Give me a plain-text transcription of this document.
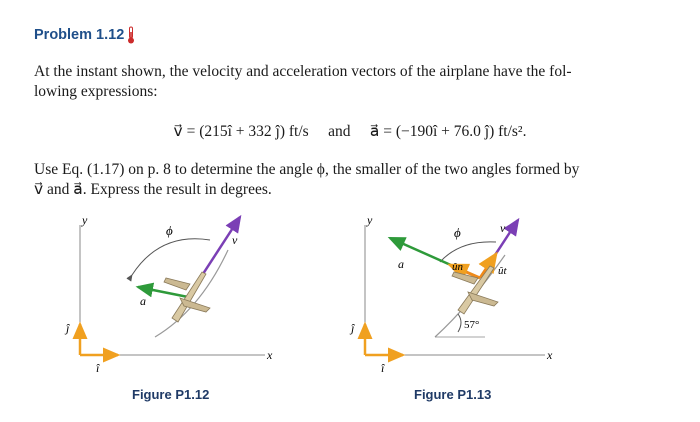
Problem 1.12

At the instant shown, the velocity and acceleration vectors of the airplane have the fol-
lowing expressions:

v⃗ = (215î + 332 ĵ) ft/s and a⃗ = (−190î + 76.0 ĵ) ft/s².

Use Eq. (1.17) on p. 8 to determine the angle ϕ, the smaller of the two angles formed by
v⃗ and a⃗. Express the result in degrees.

y
x
ĵ
î
ϕ
v⃗
a⃗
Figure P1.12
y
x
ĵ
î
ϕ	v⃗
a⃗	ûn	ût
57°
Figure P1.13
